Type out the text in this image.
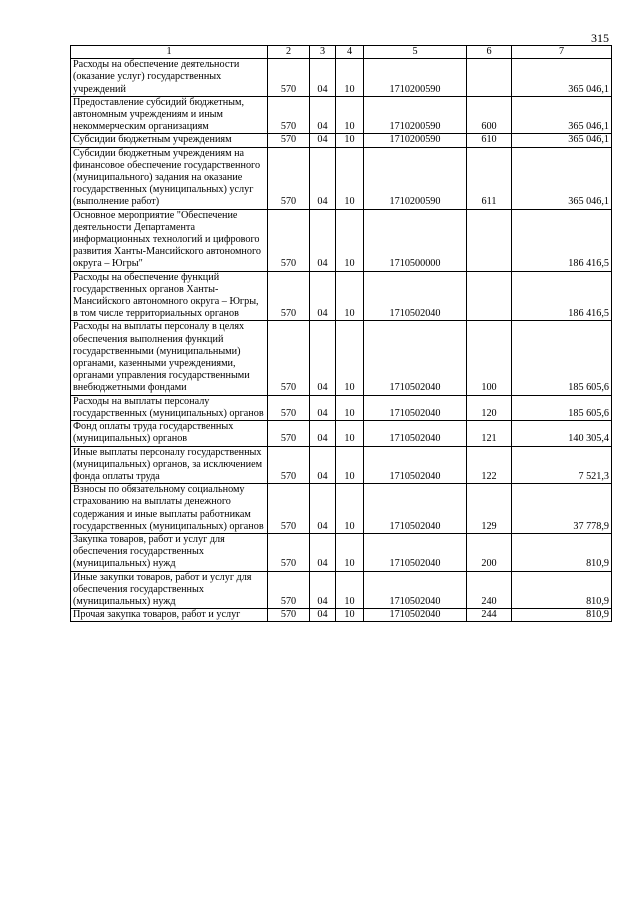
315
1	2	3	4	5	6	7
Расходы на обеспечение деятельности (оказание услуг) государственных учреждений	570	04	10	1710200590		365 046,1
Предоставление субсидий бюджетным, автономным учреждениям и иным некоммерческим организациям	570	04	10	1710200590	600	365 046,1
Субсидии бюджетным учреждениям	570	04	10	1710200590	610	365 046,1
Субсидии бюджетным учреждениям на финансовое обеспечение государственного (муниципального) задания на оказание государственных (муниципальных) услуг (выполнение работ)	570	04	10	1710200590	611	365 046,1
Основное мероприятие "Обеспечение деятельности Департамента информационных технологий и цифрового развития Ханты-Мансийского автономного округа – Югры"	570	04	10	1710500000		186 416,5
Расходы на обеспечение функций государственных органов Ханты-Мансийского автономного округа – Югры, в том числе территориальных органов	570	04	10	1710502040		186 416,5
Расходы на выплаты персоналу в целях обеспечения выполнения функций государственными (муниципальными) органами, казенными учреждениями, органами управления государственными внебюджетными фондами	570	04	10	1710502040	100	185 605,6
Расходы на выплаты персоналу государственных (муниципальных) органов	570	04	10	1710502040	120	185 605,6
Фонд оплаты труда государственных (муниципальных) органов	570	04	10	1710502040	121	140 305,4
Иные выплаты персоналу государственных (муниципальных) органов, за исключением фонда оплаты труда	570	04	10	1710502040	122	7 521,3
Взносы по обязательному социальному страхованию на выплаты денежного содержания и иные выплаты работникам государственных (муниципальных) органов	570	04	10	1710502040	129	37 778,9
Закупка товаров, работ и услуг для обеспечения государственных (муниципальных) нужд	570	04	10	1710502040	200	810,9
Иные закупки товаров, работ и услуг для обеспечения государственных (муниципальных) нужд	570	04	10	1710502040	240	810,9
Прочая закупка товаров, работ и услуг	570	04	10	1710502040	244	810,9
